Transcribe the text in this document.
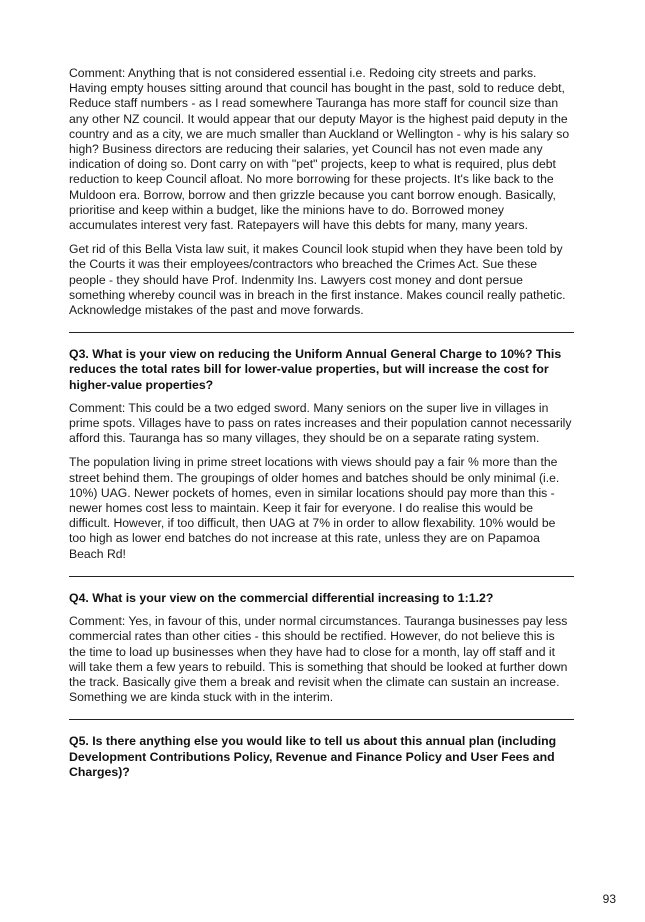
Comment: Anything that is not considered essential i.e. Redoing city streets and parks. Having empty houses sitting around that council has bought in the past, sold to reduce debt, Reduce staff numbers - as I read somewhere Tauranga has more staff for council size than any other NZ council. It would appear that our deputy Mayor is the highest paid deputy in the country and as a city, we are much smaller than Auckland or Wellington - why is his salary so high? Business directors are reducing their salaries, yet Council has not even made any indication of doing so. Dont carry on with "pet" projects, keep to what is required, plus debt reduction to keep Council afloat. No more borrowing for these projects. It's like back to the Muldoon era. Borrow, borrow and then grizzle because you cant borrow enough. Basically, prioritise and keep within a budget, like the minions have to do. Borrowed money accumulates interest very fast. Ratepayers will have this debts for many, many years.

Get rid of this Bella Vista law suit, it makes Council look stupid when they have been told by the Courts it was their employees/contractors who breached the Crimes Act. Sue these people - they should have Prof. Indenmity Ins. Lawyers cost money and dont persue something whereby council was in breach in the first instance. Makes council really pathetic. Acknowledge mistakes of the past and move forwards.

Q3. What is your view on reducing the Uniform Annual General Charge to 10%? This reduces the total rates bill for lower-value properties, but will increase the cost for higher-value properties?

Comment: This could be a two edged sword. Many seniors on the super live in villages in prime spots. Villages have to pass on rates increases and their population cannot necessarily afford this. Tauranga has so many villages, they should be on a separate rating system.

The population living in prime street locations with views should pay a fair % more than the street behind them. The groupings of older homes and batches should be only minimal (i.e. 10%) UAG. Newer pockets of homes, even in similar locations should pay more than this - newer homes cost less to maintain. Keep it fair for everyone. I do realise this would be difficult. However, if too difficult, then UAG at 7% in order to allow flexability. 10% would be too high as lower end batches do not increase at this rate, unless they are on Papamoa Beach Rd!

Q4. What is your view on the commercial differential increasing to 1:1.2?

Comment: Yes, in favour of this, under normal circumstances. Tauranga businesses pay less commercial rates than other cities - this should be rectified. However, do not believe this is the time to load up businesses when they have had to close for a month, lay off staff and it will take them a few years to rebuild. This is something that should be looked at further down the track. Basically give them a break and revisit when the climate can sustain an increase. Something we are kinda stuck with in the interim.

Q5. Is there anything else you would like to tell us about this annual plan (including Development Contributions Policy, Revenue and Finance Policy and User Fees and Charges)?

93
